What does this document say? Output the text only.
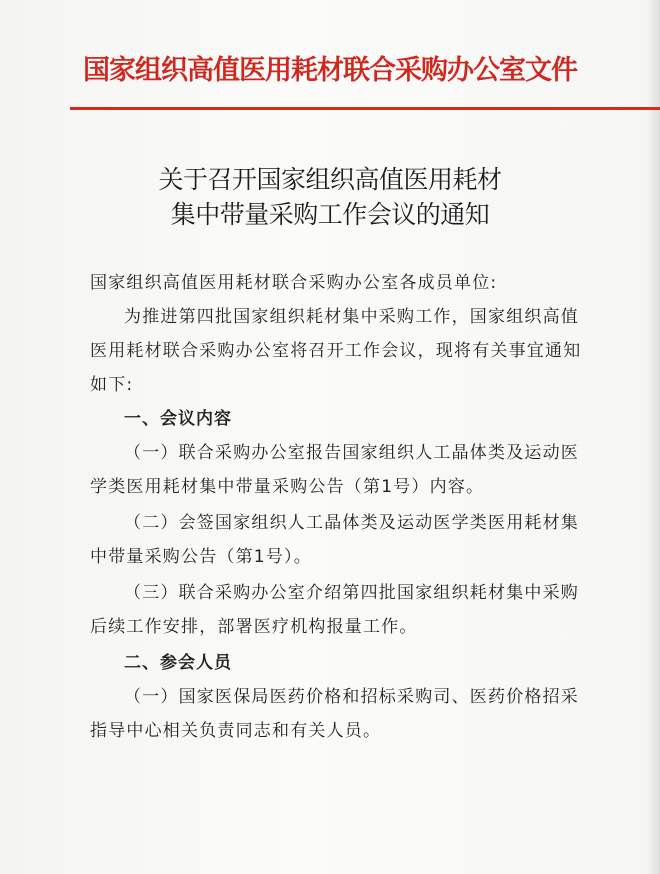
国家组织高值医用耗材联合采购办公室文件
关于召开国家组织高值医用耗材
集中带量采购工作会议的通知
国家组织高值医用耗材联合采购办公室各成员单位:
为推进第四批国家组织耗材集中采购工作，国家组织高值
医用耗材联合采购办公室将召开工作会议，现将有关事宜通知
如下:
一、会议内容
（一）联合采购办公室报告国家组织人工晶体类及运动医
学类医用耗材集中带量采购公告（第1号）内容。
（二）会签国家组织人工晶体类及运动医学类医用耗材集
中带量采购公告（第1号）。
（三）联合采购办公室介绍第四批国家组织耗材集中采购
后续工作安排，部署医疗机构报量工作。
二、参会人员
（一）国家医保局医药价格和招标采购司、医药价格招采
指导中心相关负责同志和有关人员。
